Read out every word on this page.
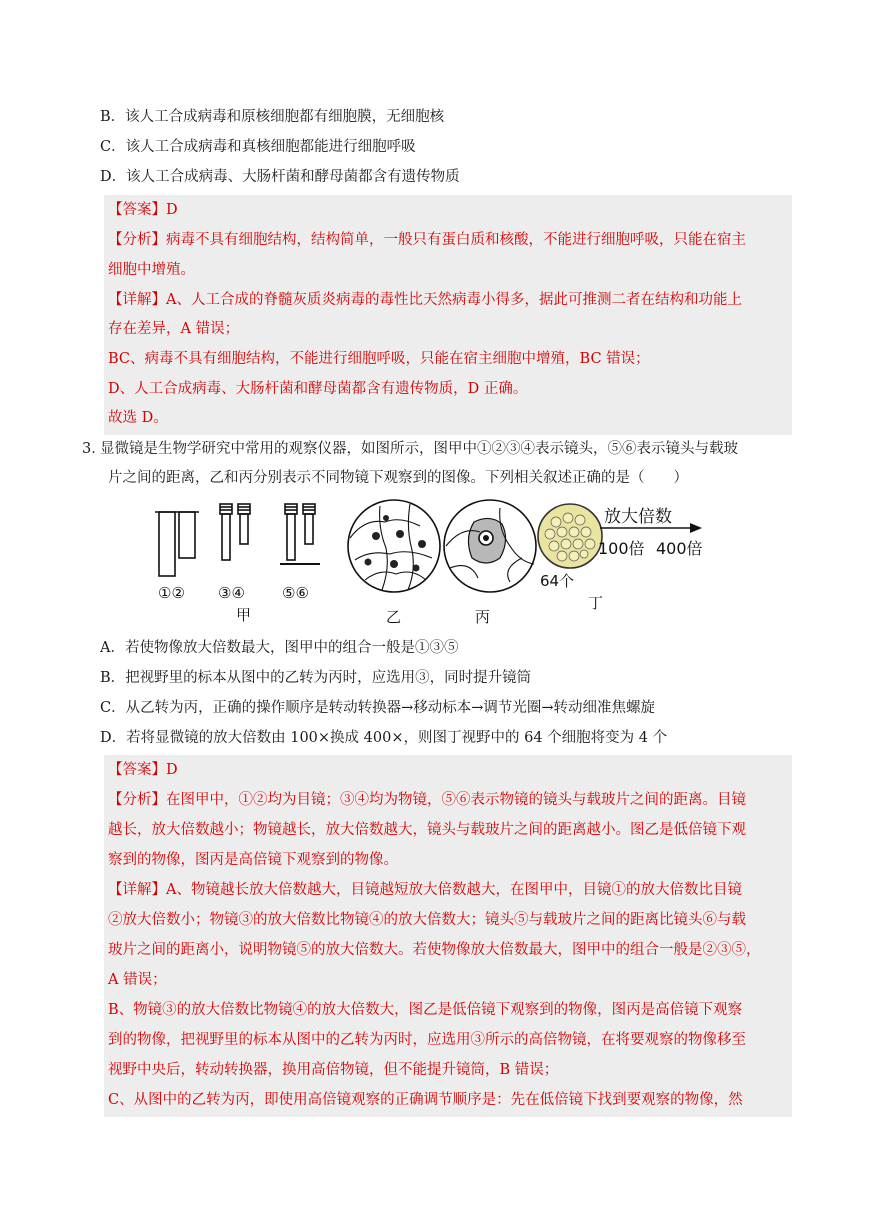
B．该人工合成病毒和原核细胞都有细胞膜，无细胞核
C．该人工合成病毒和真核细胞都能进行细胞呼吸
D．该人工合成病毒、大肠杆菌和酵母菌都含有遗传物质
【答案】D
【分析】病毒不具有细胞结构，结构简单，一般只有蛋白质和核酸，不能进行细胞呼吸，只能在宿主
细胞中增殖。
【详解】A、人工合成的脊髓灰质炎病毒的毒性比天然病毒小得多，据此可推测二者在结构和功能上
存在差异，A 错误；
BC、病毒不具有细胞结构，不能进行细胞呼吸，只能在宿主细胞中增殖，BC 错误；
D、人工合成病毒、大肠杆菌和酵母菌都含有遗传物质，D 正确。
故选 D。
3．
显微镜是生物学研究中常用的观察仪器，如图所示，图甲中①②③④表示镜头，⑤⑥表示镜头与载玻
片之间的距离，乙和丙分别表示不同物镜下观察到的图像。下列相关叙述正确的是（　　）
①② ③④ ⑤⑥
甲	乙	丙
64个
丁
放大倍数
100倍 400倍
A．若使物像放大倍数最大，图甲中的组合一般是①③⑤
B．把视野里的标本从图中的乙转为丙时，应选用③，同时提升镜筒
C．从乙转为丙，正确的操作顺序是转动转换器→移动标本→调节光圈→转动细准焦螺旋
D．若将显微镜的放大倍数由 100×换成 400×，则图丁视野中的 64 个细胞将变为 4 个
【答案】D
【分析】在图甲中，①②均为目镜；③④均为物镜，⑤⑥表示物镜的镜头与载玻片之间的距离。目镜
越长，放大倍数越小；物镜越长，放大倍数越大，镜头与载玻片之间的距离越小。图乙是低倍镜下观
察到的物像，图丙是高倍镜下观察到的物像。
【详解】A、物镜越长放大倍数越大，目镜越短放大倍数越大，在图甲中，目镜①的放大倍数比目镜
②放大倍数小；物镜③的放大倍数比物镜④的放大倍数大；镜头⑤与载玻片之间的距离比镜头⑥与载
玻片之间的距离小，说明物镜⑤的放大倍数大。若使物像放大倍数最大，图甲中的组合一般是②③⑤，
A 错误；
B、物镜③的放大倍数比物镜④的放大倍数大，图乙是低倍镜下观察到的物像，图丙是高倍镜下观察
到的物像，把视野里的标本从图中的乙转为丙时，应选用③所示的高倍物镜，在将要观察的物像移至
视野中央后，转动转换器，换用高倍物镜，但不能提升镜筒，B 错误；
C、从图中的乙转为丙，即使用高倍镜观察的正确调节顺序是：先在低倍镜下找到要观察的物像，然
